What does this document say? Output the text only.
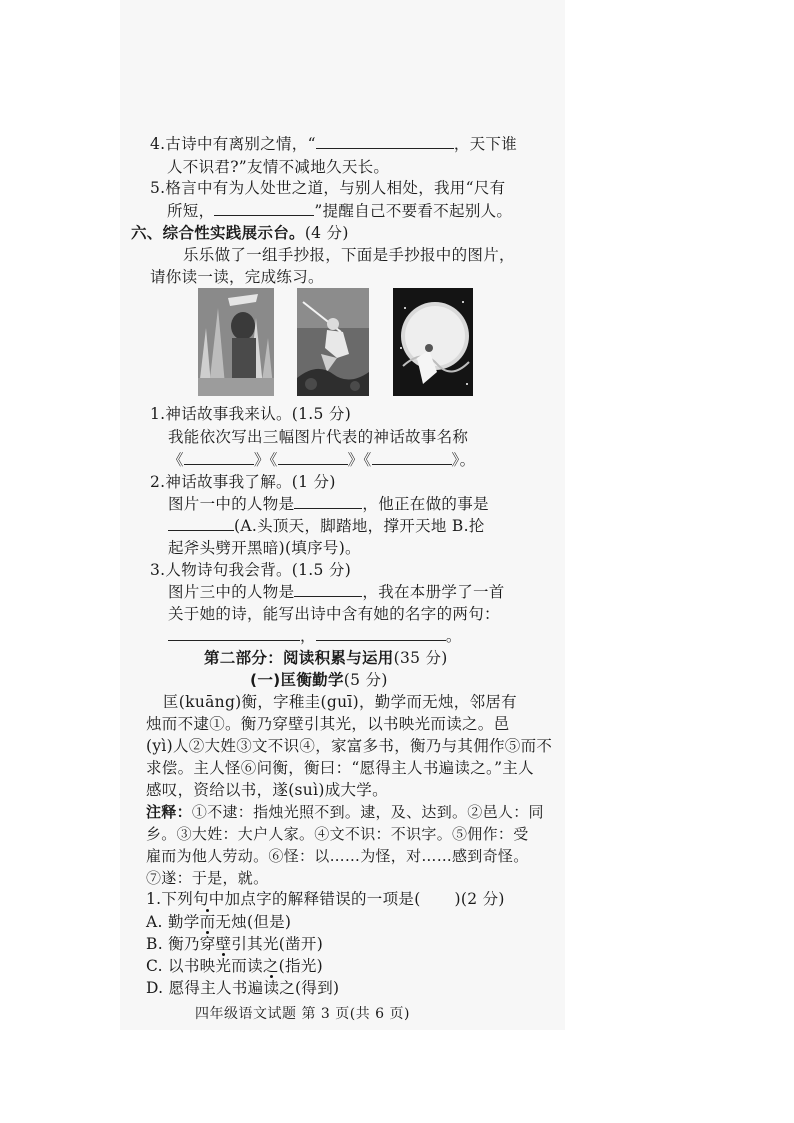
4.古诗中有离别之情，“	，天下谁
人不识君?”友情不减地久天长。
5.格言中有为人处世之道，与别人相处，我用“尺有
所短，	”提醒自己不要看不起别人。
六、综合性实践展示台。(4 分)
乐乐做了一组手抄报，下面是手抄报中的图片，
请你读一读，完成练习。
1.神话故事我来认。(1.5 分)
我能依次写出三幅图片代表的神话故事名称
《	》《	》《	》。
2.神话故事我了解。(1 分)
图片一中的人物是	，他正在做的事是
(A.头顶天，脚踏地，撑开天地 B.抡
起斧头劈开黑暗)(填序号)。
3.人物诗句我会背。(1.5 分)
图片三中的人物是	，我在本册学了一首
关于她的诗，能写出诗中含有她的名字的两句：
，	。
第二部分：阅读积累与运用(35 分)
(一)匡衡勤学(5 分)
匡(kuāng)衡，字稚圭(guī)，勤学而无烛，邻居有
烛而不逮①。衡乃穿壁引其光，以书映光而读之。邑
(yì)人②大姓③文不识④，家富多书，衡乃与其佣作⑤而不
求偿。主人怪⑥问衡，衡曰：“愿得主人书遍读之。”主人
感叹，资给以书，遂(suì)成大学。
注释：①不逮：指烛光照不到。逮，及、达到。②邑人：同
乡。③大姓：大户人家。④文不识：不识字。⑤佣作：受
雇而为他人劳动。⑥怪：以……为怪，对……感到奇怪。
⑦遂：于是，就。
1.下列句中加点字的解释错误的一项是( )(2 分)
A. 勤学而无烛(但是)
B. 衡乃穿壁引其光(凿开)
C. 以书映光而读之(指光)
D. 愿得主人书遍读之(得到)
四年级语文试题 第 3 页(共 6 页)
